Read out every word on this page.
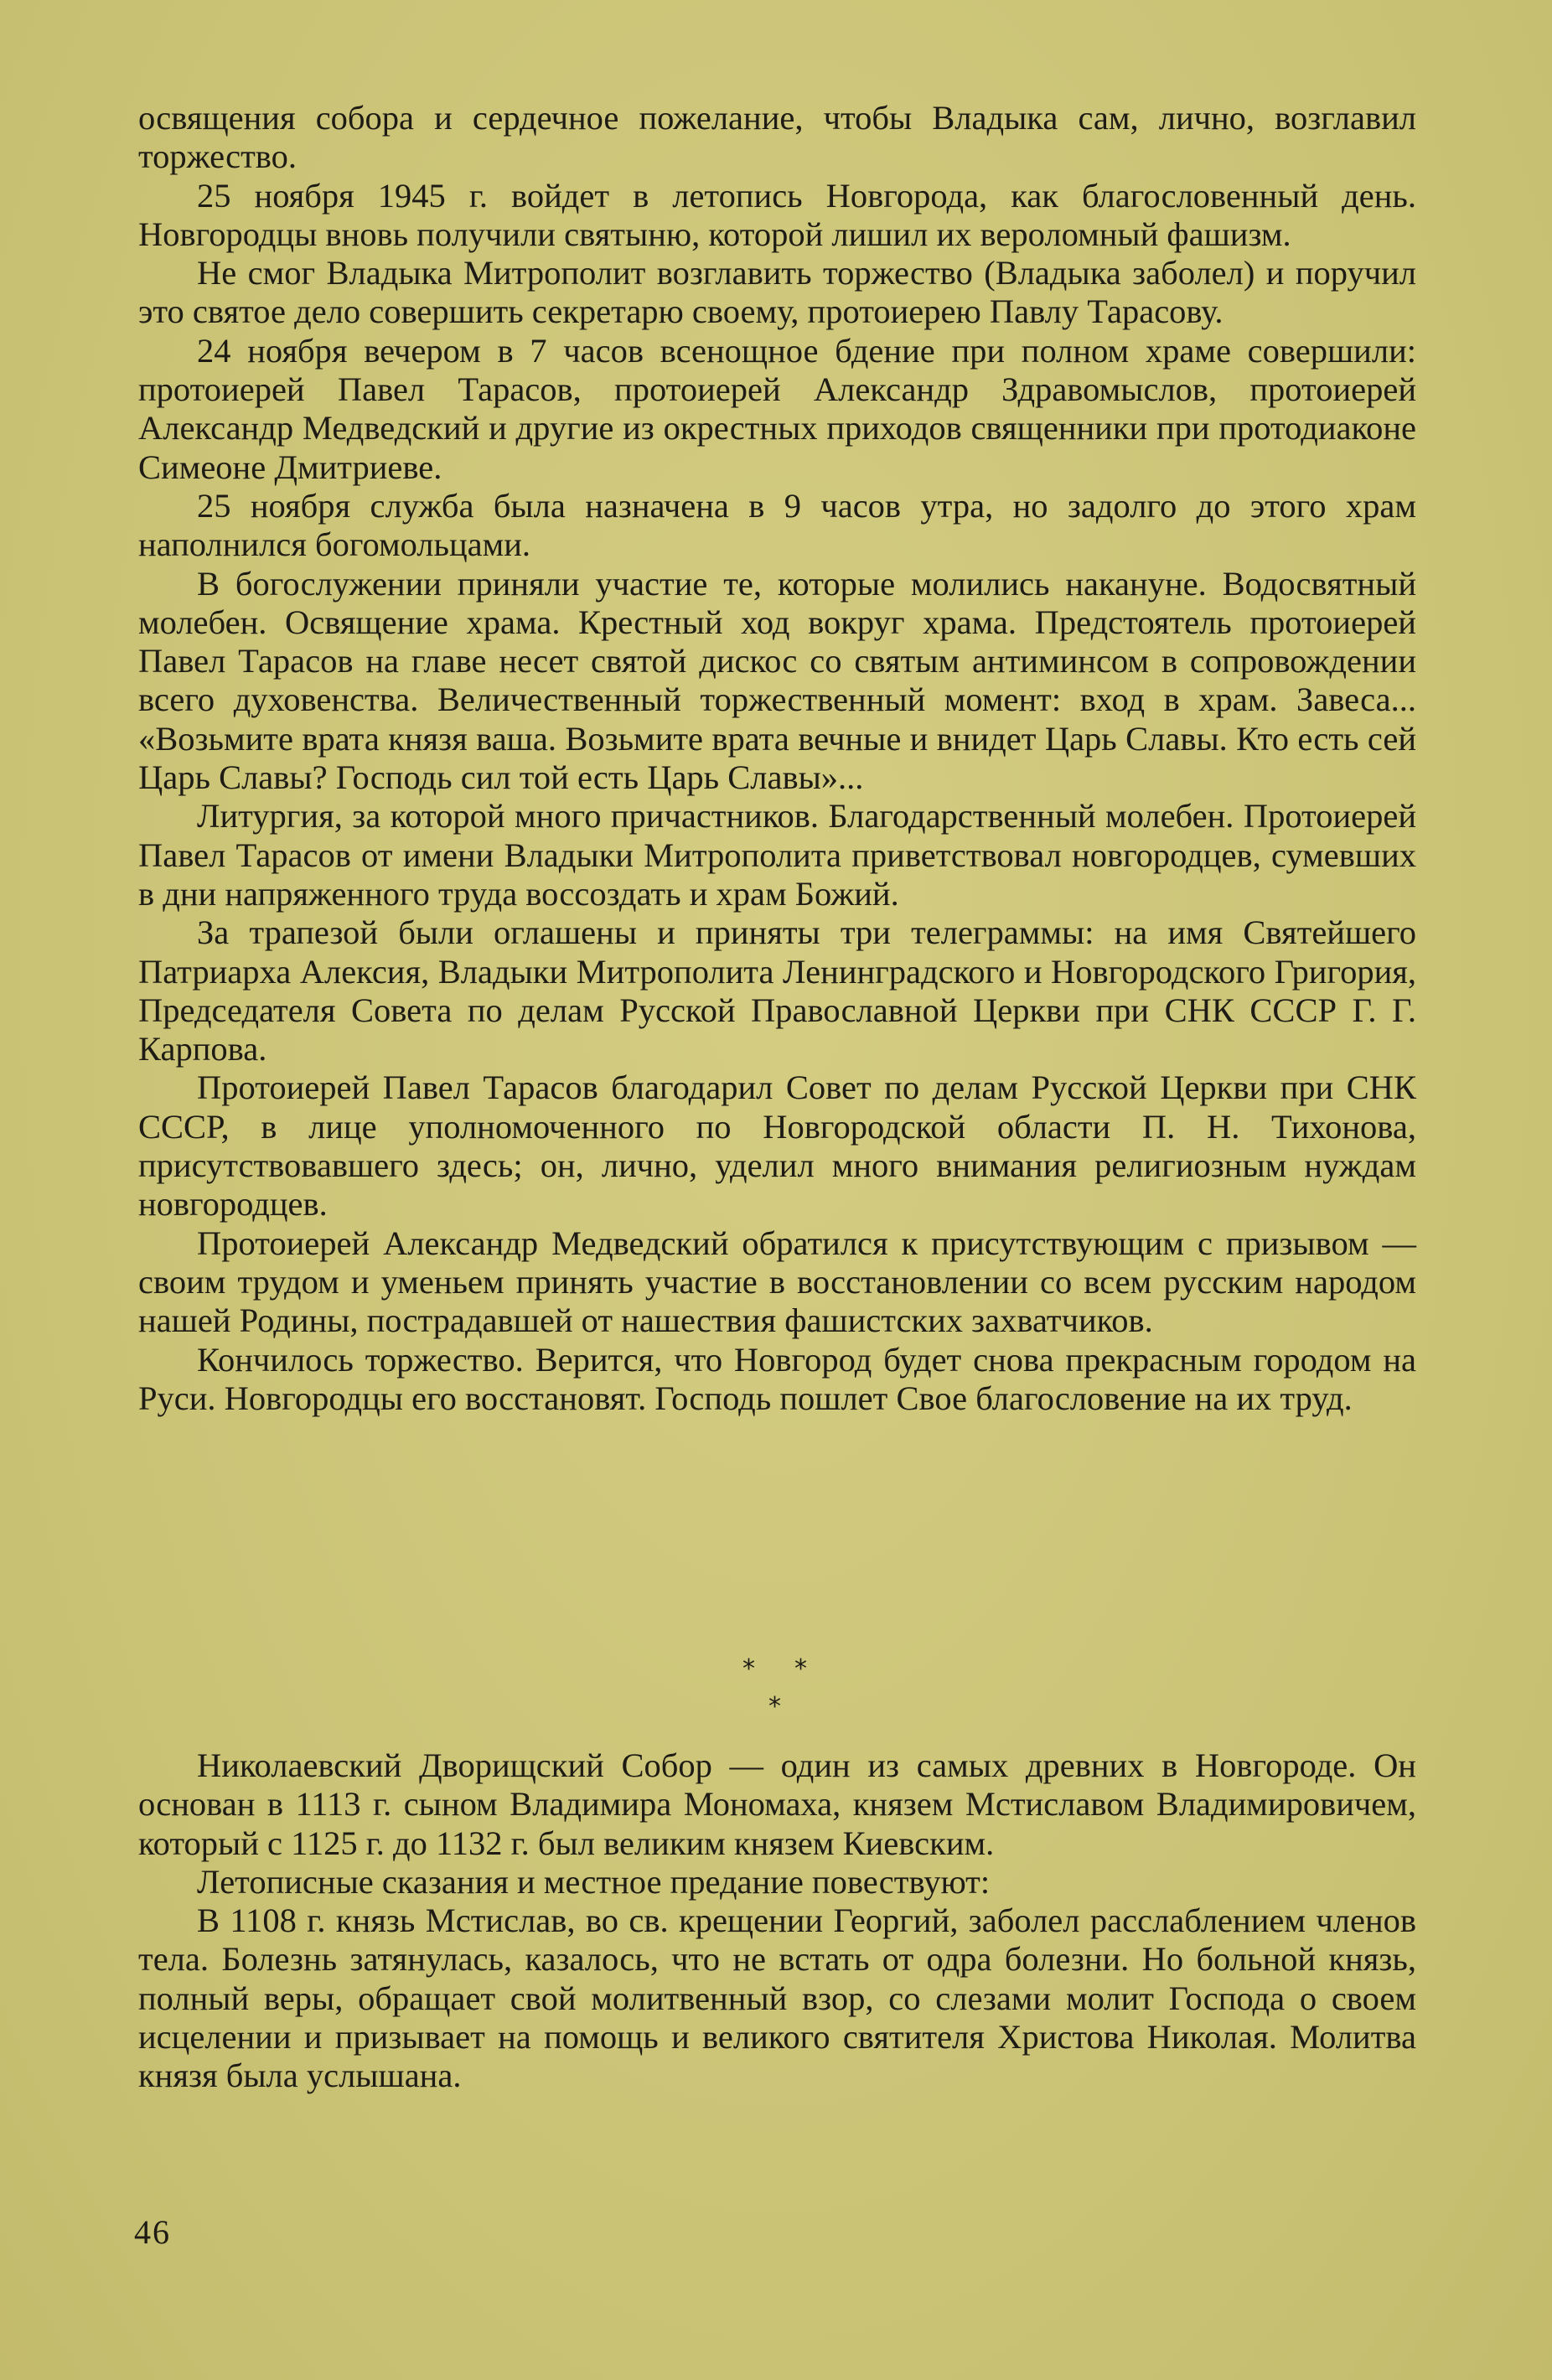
освящения собора и сердечное пожелание, чтобы Владыка сам, лично, возглавил торжество.

25 ноября 1945 г. войдет в летопись Новгорода, как благословенный день. Новгородцы вновь получили святыню, которой лишил их вероломный фашизм.

Не смог Владыка Митрополит возглавить торжество (Владыка заболел) и поручил это святое дело совершить секретарю своему, протоиерею Павлу Тарасову.

24 ноября вечером в 7 часов всенощное бдение при полном храме совершили: протоиерей Павел Тарасов, протоиерей Александр Здравомыслов, протоиерей Александр Медведский и другие из окрестных приходов священники при протодиаконе Симеоне Дмитриеве.

25 ноября служба была назначена в 9 часов утра, но задолго до этого храм наполнился богомольцами.

В богослужении приняли участие те, которые молились накануне. Водосвятный молебен. Освящение храма. Крестный ход вокруг храма. Предстоятель протоиерей Павел Тарасов на главе несет святой дискос со святым антиминсом в сопровождении всего духовенства. Величественный торжественный момент: вход в храм. Завеса... «Возьмите врата князя ваша. Возьмите врата вечные и внидет Царь Славы. Кто есть сей Царь Славы? Господь сил той есть Царь Славы»...

Литургия, за которой много причастников. Благодарственный молебен. Протоиерей Павел Тарасов от имени Владыки Митрополита приветствовал новгородцев, сумевших в дни напряженного труда воссоздать и храм Божий.

За трапезой были оглашены и приняты три телеграммы: на имя Святейшего Патриарха Алексия, Владыки Митрополита Ленинградского и Новгородского Григория, Председателя Совета по делам Русской Православной Церкви при СНК СССР Г. Г. Карпова.

Протоиерей Павел Тарасов благодарил Совет по делам Русской Церкви при СНК СССР, в лице уполномоченного по Новгородской области П. Н. Тихонова, присутствовавшего здесь; он, лично, уделил много внимания религиозным нуждам новгородцев.

Протоиерей Александр Медведский обратился к присутствующим с призывом — своим трудом и уменьем принять участие в восстановлении со всем русским народом нашей Родины, пострадавшей от нашествия фашистских захватчиков.

Кончилось торжество. Верится, что Новгород будет снова прекрасным городом на Руси. Новгородцы его восстановят. Господь пошлет Свое благословение на их труд.

* *
*

Николаевский Дворищский Собор — один из самых древних в Новгороде. Он основан в 1113 г. сыном Владимира Мономаха, князем Мстиславом Владимировичем, который с 1125 г. до 1132 г. был великим князем Киевским.

Летописные сказания и местное предание повествуют:

В 1108 г. князь Мстислав, во св. крещении Георгий, заболел расслаблением членов тела. Болезнь затянулась, казалось, что не встать от одра болезни. Но больной князь, полный веры, обращает свой молитвенный взор, со слезами молит Господа о своем исцелении и призывает на помощь и великого святителя Христова Николая. Молитва князя была услышана.

46
